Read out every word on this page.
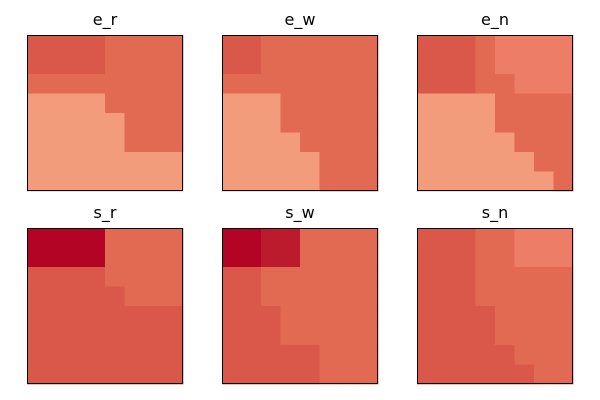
e_r	e_w	e_n
s_r	s_w	s_n
